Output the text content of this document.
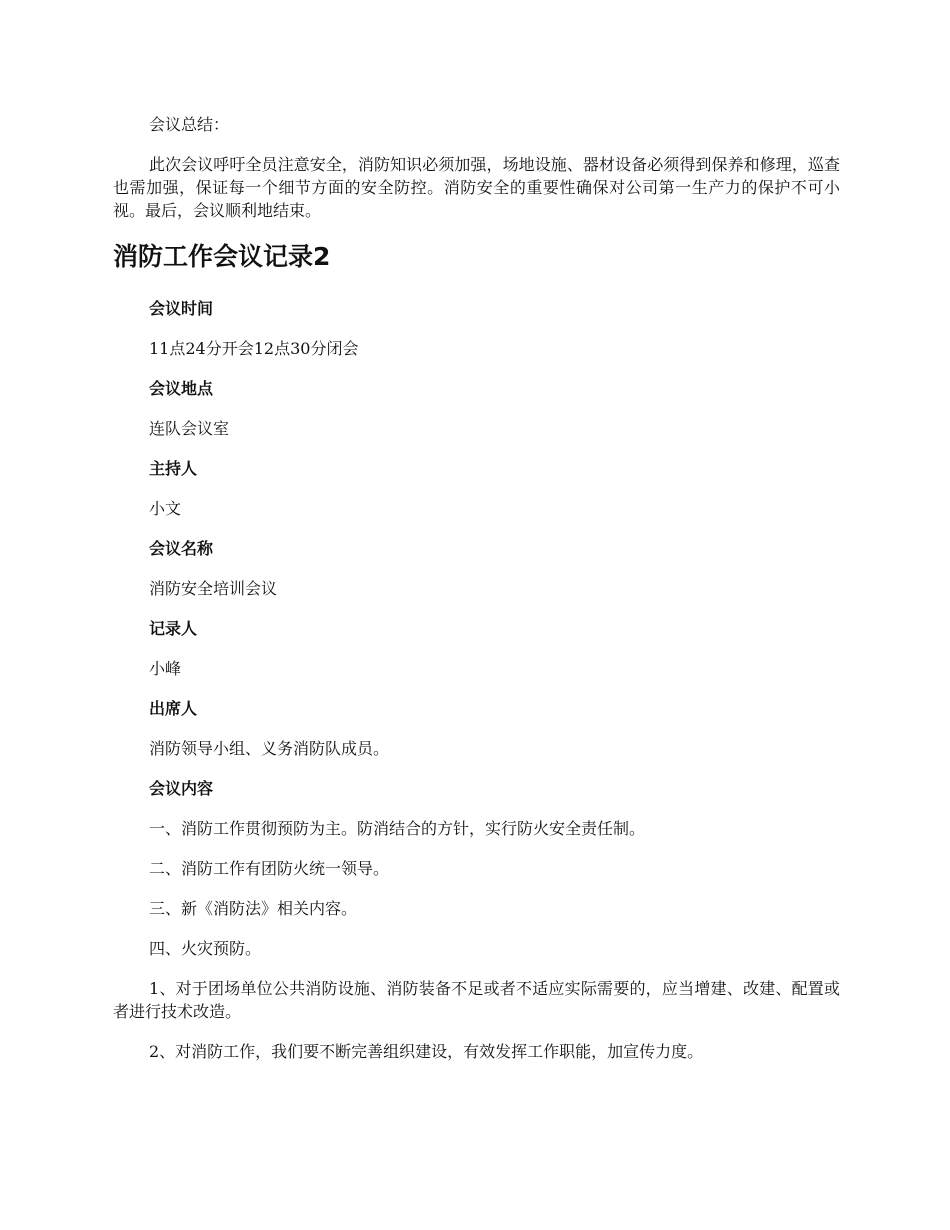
会议总结：

此次会议呼吁全员注意安全，消防知识必须加强，场地设施、器材设备必须得到保养和修理，巡查也需加强，保证每一个细节方面的安全防控。消防安全的重要性确保对公司第一生产力的保护不可小视。最后，会议顺利地结束。

消防工作会议记录2

会议时间

11点24分开会12点30分闭会

会议地点

连队会议室

主持人

小文

会议名称

消防安全培训会议

记录人

小峰

出席人

消防领导小组、义务消防队成员。

会议内容

一、消防工作贯彻预防为主。防消结合的方针，实行防火安全责任制。

二、消防工作有团防火统一领导。

三、新《消防法》相关内容。

四、火灾预防。

1、对于团场单位公共消防设施、消防装备不足或者不适应实际需要的，应当增建、改建、配置或者进行技术改造。

2、对消防工作，我们要不断完善组织建设，有效发挥工作职能，加宣传力度。
